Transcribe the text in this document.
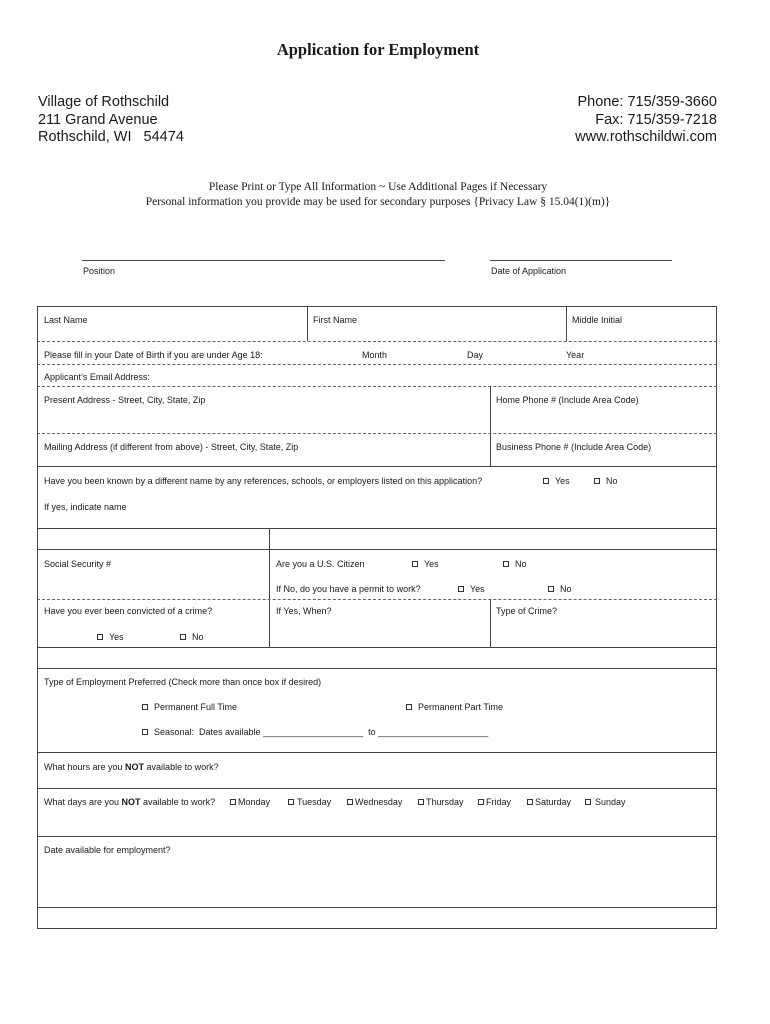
Application for Employment
Village of Rothschild
211 Grand Avenue
Rothschild, WI   54474
Phone: 715/359-3660
Fax: 715/359-7218
www.rothschildwi.com
Please Print or Type All Information ~ Use Additional Pages if Necessary
Personal information you provide may be used for secondary purposes {Privacy Law § 15.04(1)(m)}
Position	Date of Application
Last Name	First Name	Middle Initial
Please fill in your Date of Birth if you are under Age 18:	Month	Day	Year
Applicant’s Email Address:
Present Address - Street, City, State, Zip	Home Phone # (Include Area Code)
Mailing Address (if different from above) - Street, City, State, Zip	Business Phone # (Include Area Code)
Have you been known by a different name by any references, schools, or employers listed on this application?	Yes	No
If yes, indicate name
Social Security #	Are you a U.S. Citizen	Yes	No
If No, do you have a permit to work?	Yes	No
Have you ever been convicted of a crime?	If Yes, When?	Type of Crime?
Yes	No
Type of Employment Preferred (Check more than once box if desired)
Permanent Full Time	Permanent Part Time
Seasonal:  Dates available ____________________  to ______________________
What hours are you NOT available to work?
What days are you NOT available to work?	Monday	Tuesday	Wednesday	Thursday	Friday	Saturday	Sunday
Date available for employment?
